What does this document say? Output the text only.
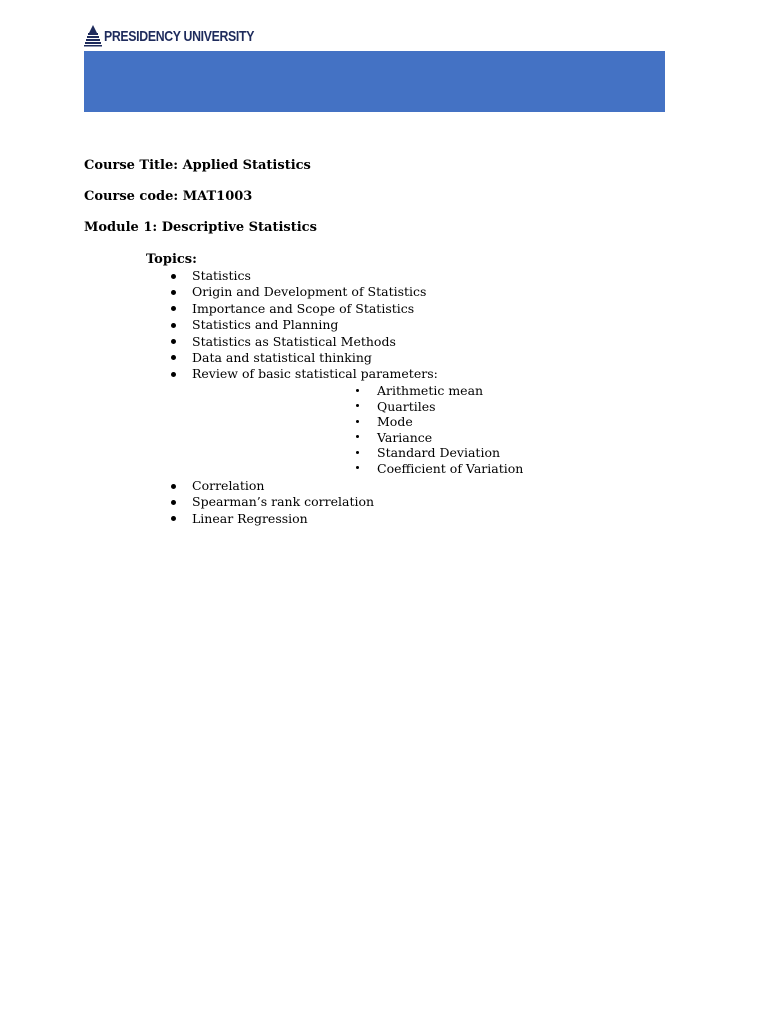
PRESIDENCY UNIVERSITY
Course Title: Applied Statistics
Course code: MAT1003
Module 1: Descriptive Statistics
Topics:
Statistics
Origin and Development of Statistics
Importance and Scope of Statistics
Statistics and Planning
Statistics as Statistical Methods
Data and statistical thinking
Review of basic statistical parameters:
Arithmetic mean
Quartiles
Mode
Variance
Standard Deviation
Coefficient of Variation
Correlation
Spearman’s rank correlation
Linear Regression
